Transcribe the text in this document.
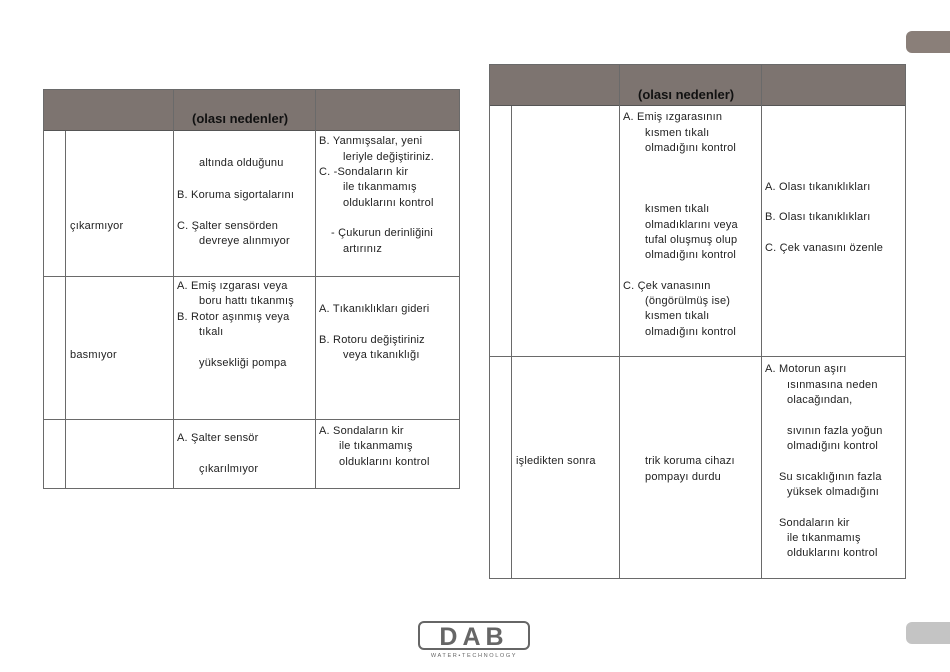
(olası nedenler)
çıkarmıyor
altında olduğunu
B. Koruma sigortalarını
C. Şalter sensörden
devreye alınmıyor
B. Yanmışsalar, yeni
leriyle değiştiriniz.
C. -Sondaların kir
ile tıkanmamış
olduklarını kontrol
- Çukurun derinliğini
artırınız
basmıyor
A. Emiş ızgarası veya
boru hattı tıkanmış
B. Rotor aşınmış veya
tıkalı
yüksekliği pompa
A. Tıkanıklıkları gideri
B. Rotoru değiştiriniz
veya tıkanıklığı
A. Şalter sensör
çıkarılmıyor
A. Sondaların kir
ile tıkanmamış
olduklarını kontrol
(olası nedenler)
A. Emiş ızgarasının
kısmen tıkalı
olmadığını kontrol
kısmen tıkalı
olmadıklarını veya
tufal oluşmuş olup
olmadığını kontrol
C. Çek vanasının
(öngörülmüş ise)
kısmen tıkalı
olmadığını kontrol
A. Olası tıkanıklıkları
B. Olası tıkanıklıkları
C. Çek vanasını özenle
işledikten sonra	trik koruma cihazı
pompayı durdu
A. Motorun aşırı
ısınmasına neden
olacağından,
sıvının fazla yoğun
olmadığını kontrol
Su sıcaklığının fazla
yüksek olmadığını
Sondaların kir
ile tıkanmamış
olduklarını kontrol
DAB
WATER•TECHNOLOGY
